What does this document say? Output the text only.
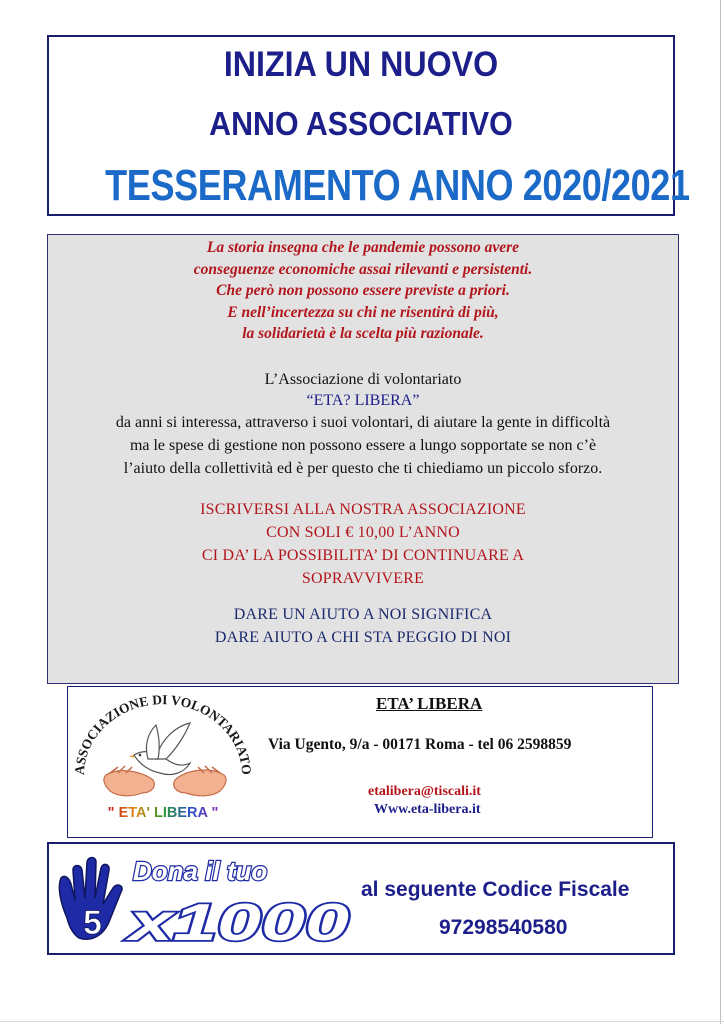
INIZIA UN NUOVO
ANNO ASSOCIATIVO
TESSERAMENTO ANNO 2020/2021
La storia insegna che le pandemie possono avere
conseguenze economiche assai rilevanti e persistenti.
Che però non possono essere previste a priori.
E nell’incertezza su chi ne risentirà di più,
la solidarietà è la scelta più razionale.
L’Associazione di volontariato
“ETA? LIBERA”
da anni si interessa, attraverso i suoi volontari, di aiutare la gente in difficoltà
ma le spese di gestione non possono essere a lungo sopportate se non c’è
l’aiuto della collettività ed è per questo che ti chiediamo un piccolo sforzo.
ISCRIVERSI ALLA NOSTRA ASSOCIAZIONE
CON SOLI € 10,00 L’ANNO
CI DA’ LA POSSIBILITA’ DI CONTINUARE A
SOPRAVVIVERE
DARE UN AIUTO A NOI SIGNIFICA
DARE AIUTO A CHI STA PEGGIO DI NOI
ASSOCIAZIONE DI VOLONTARIATO
" ETA' LIBERA "
ETA’ LIBERA
Via Ugento, 9/a - 00171 Roma - tel 06 2598859
etalibera@tiscali.it
Www.eta-libera.it
5
Dona il tuo
x1000
al seguente Codice Fiscale
97298540580
